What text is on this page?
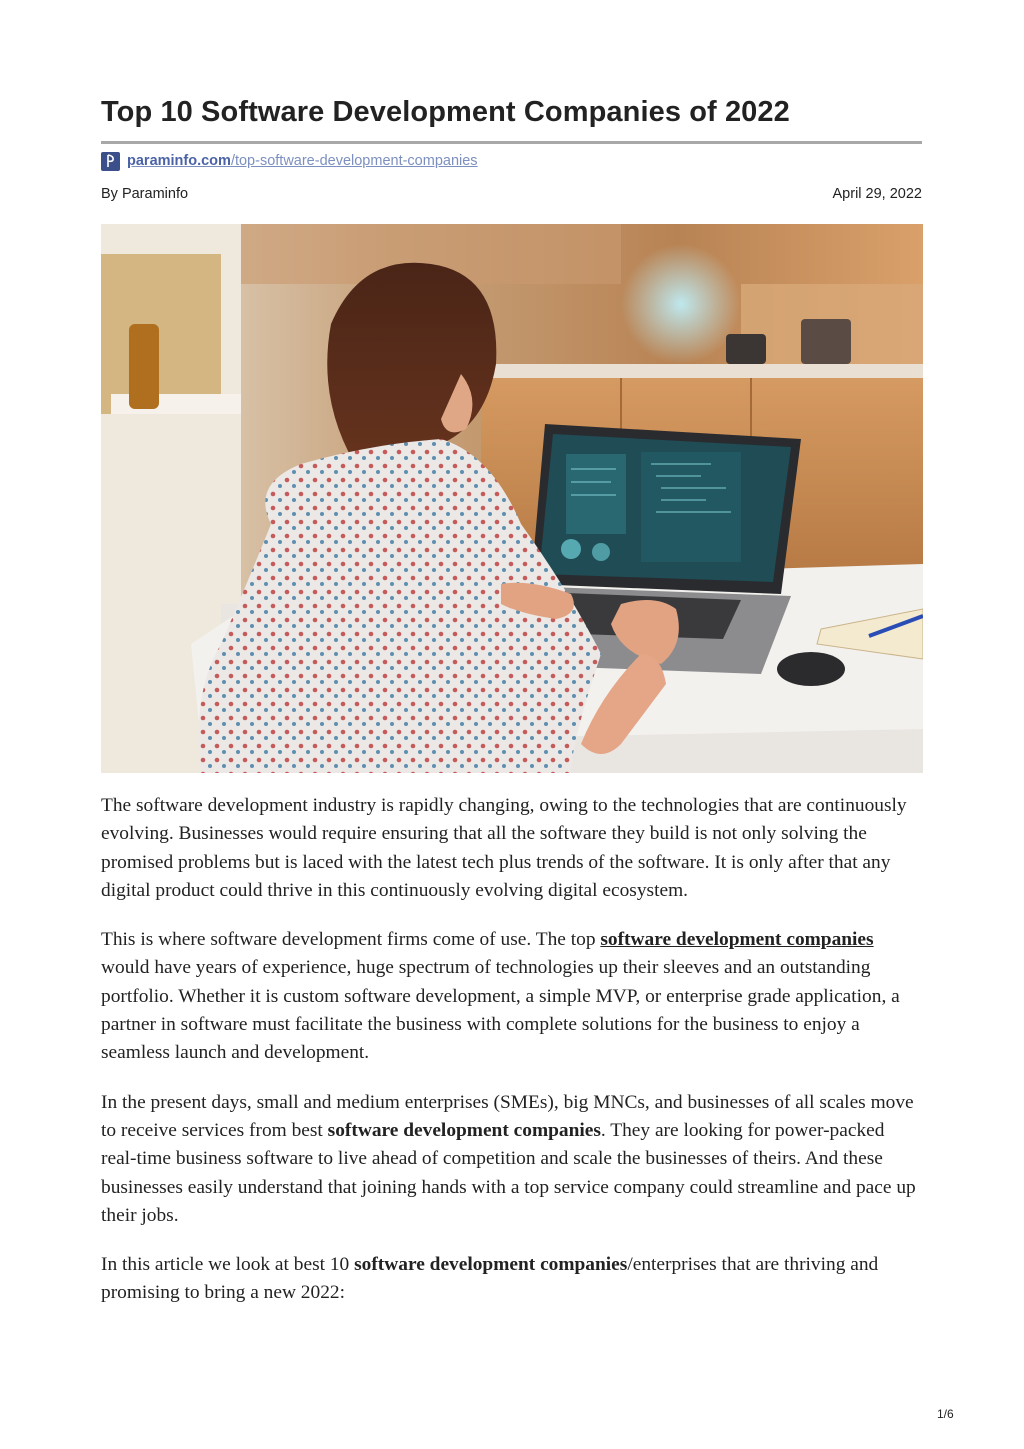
Top 10 Software Development Companies of 2022
paraminfo.com/top-software-development-companies
By Paraminfo	April 29, 2022

The software development industry is rapidly changing, owing to the technologies that are continuously evolving. Businesses would require ensuring that all the software they build is not only solving the promised problems but is laced with the latest tech plus trends of the software. It is only after that any digital product could thrive in this continuously evolving digital ecosystem.

This is where software development firms come of use. The top software development companies would have years of experience, huge spectrum of technologies up their sleeves and an outstanding portfolio. Whether it is custom software development, a simple MVP, or enterprise grade application, a partner in software must facilitate the business with complete solutions for the business to enjoy a seamless launch and development.

In the present days, small and medium enterprises (SMEs), big MNCs, and businesses of all scales move to receive services from best software development companies. They are looking for power-packed real-time business software to live ahead of competition and scale the businesses of theirs. And these businesses easily understand that joining hands with a top service company could streamline and pace up their jobs.

In this article we look at best 10 software development companies/enterprises that are thriving and promising to bring a new 2022:

1/6
